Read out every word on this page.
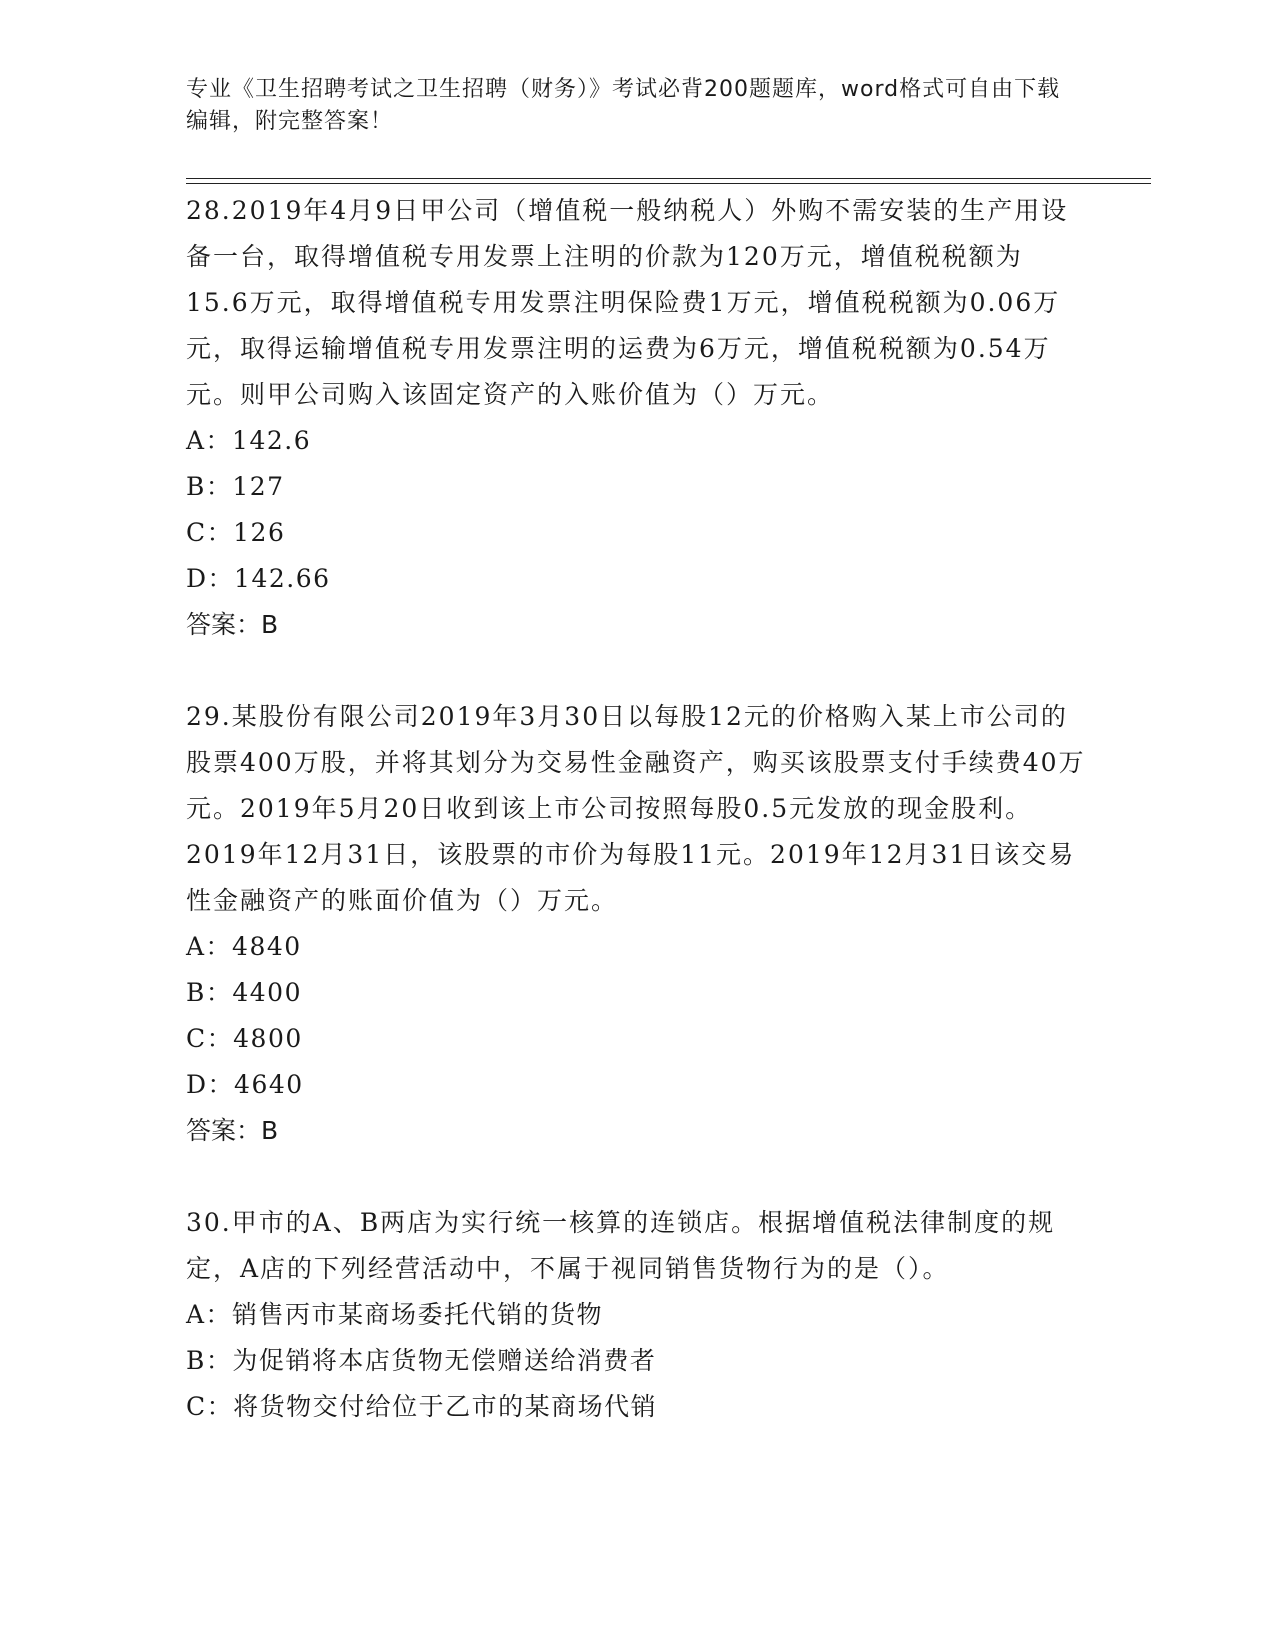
专业《卫生招聘考试之卫生招聘（财务）》考试必背200题题库，word格式可自由下载编辑，附完整答案！

28.2019年4月9日甲公司（增值税一般纳税人）外购不需安装的生产用设备一台，取得增值税专用发票上注明的价款为120万元，增值税税额为15.6万元，取得增值税专用发票注明保险费1万元，增值税税额为0.06万元，取得运输增值税专用发票注明的运费为6万元，增值税税额为0.54万元。则甲公司购入该固定资产的入账价值为（）万元。

A：142.6

B：127

C：126

D：142.66

答案：B

29.某股份有限公司2019年3月30日以每股12元的价格购入某上市公司的股票400万股，并将其划分为交易性金融资产，购买该股票支付手续费40万元。2019年5月20日收到该上市公司按照每股0.5元发放的现金股利。2019年12月31日，该股票的市价为每股11元。2019年12月31日该交易性金融资产的账面价值为（）万元。

A：4840

B：4400

C：4800

D：4640

答案：B

30.甲市的A、B两店为实行统一核算的连锁店。根据增值税法律制度的规定，A店的下列经营活动中，不属于视同销售货物行为的是（）。

A：销售丙市某商场委托代销的货物

B：为促销将本店货物无偿赠送给消费者

C：将货物交付给位于乙市的某商场代销
